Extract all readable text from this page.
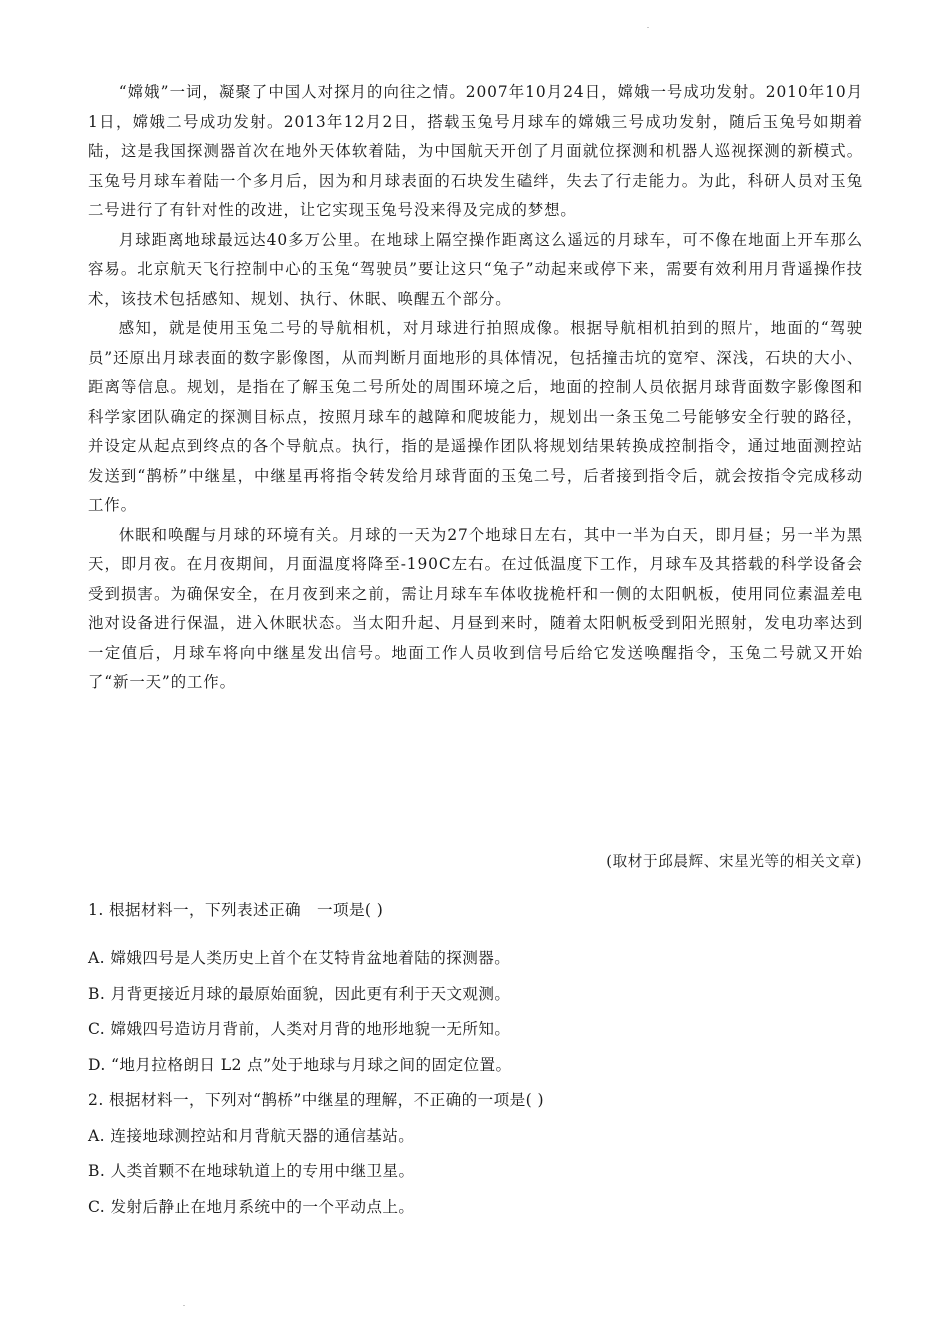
“嫦娥”一词，凝聚了中国人对探月的向往之情。2007年10月24日，嫦娥一号成功发射。2010年10月1日，嫦娥二号成功发射。2013年12月2日，搭载玉兔号月球车的嫦娥三号成功发射，随后玉兔号如期着陆，这是我国探测器首次在地外天体软着陆，为中国航天开创了月面就位探测和机器人巡视探测的新模式。玉兔号月球车着陆一个多月后，因为和月球表面的石块发生磕绊，失去了行走能力。为此，科研人员对玉兔二号进行了有针对性的改进，让它实现玉兔号没来得及完成的梦想。

月球距离地球最远达40多万公里。在地球上隔空操作距离这么遥远的月球车，可不像在地面上开车那么容易。北京航天飞行控制中心的玉兔“驾驶员”要让这只“兔子”动起来或停下来，需要有效利用月背遥操作技术，该技术包括感知、规划、执行、休眠、唤醒五个部分。

感知，就是使用玉兔二号的导航相机，对月球进行拍照成像。根据导航相机拍到的照片，地面的“驾驶员”还原出月球表面的数字影像图，从而判断月面地形的具体情况，包括撞击坑的宽窄、深浅，石块的大小、距离等信息。规划，是指在了解玉兔二号所处的周围环境之后，地面的控制人员依据月球背面数字影像图和科学家团队确定的探测目标点，按照月球车的越障和爬坡能力，规划出一条玉兔二号能够安全行驶的路径，并设定从起点到终点的各个导航点。执行，指的是遥操作团队将规划结果转换成控制指令，通过地面测控站发送到“鹊桥”中继星，中继星再将指令转发给月球背面的玉兔二号，后者接到指令后，就会按指令完成移动工作。

休眠和唤醒与月球的环境有关。月球的一天为27个地球日左右，其中一半为白天，即月昼；另一半为黑天，即月夜。在月夜期间，月面温度将降至-190C左右。在过低温度下工作，月球车及其搭载的科学设备会受到损害。为确保安全，在月夜到来之前，需让月球车车体收拢桅杆和一侧的太阳帆板，使用同位素温差电池对设备进行保温，进入休眠状态。当太阳升起、月昼到来时，随着太阳帆板受到阳光照射，发电功率达到一定值后，月球车将向中继星发出信号。地面工作人员收到信号后给它发送唤醒指令，玉兔二号就又开始了“新一天”的工作。

(取材于邱晨辉、宋星光等的相关文章)
1. 根据材料一，下列表述正确　一项是( )
A. 嫦娥四号是人类历史上首个在艾特肯盆地着陆的探测器。
B. 月背更接近月球的最原始面貌，因此更有利于天文观测。
C. 嫦娥四号造访月背前，人类对月背的地形地貌一无所知。
D. “地月拉格朗日 L2 点”处于地球与月球之间的固定位置。
2. 根据材料一，下列对“鹊桥”中继星的理解，不正确的一项是( )
A. 连接地球测控站和月背航天器的通信基站。
B. 人类首颗不在地球轨道上的专用中继卫星。
C. 发射后静止在地月系统中的一个平动点上。
